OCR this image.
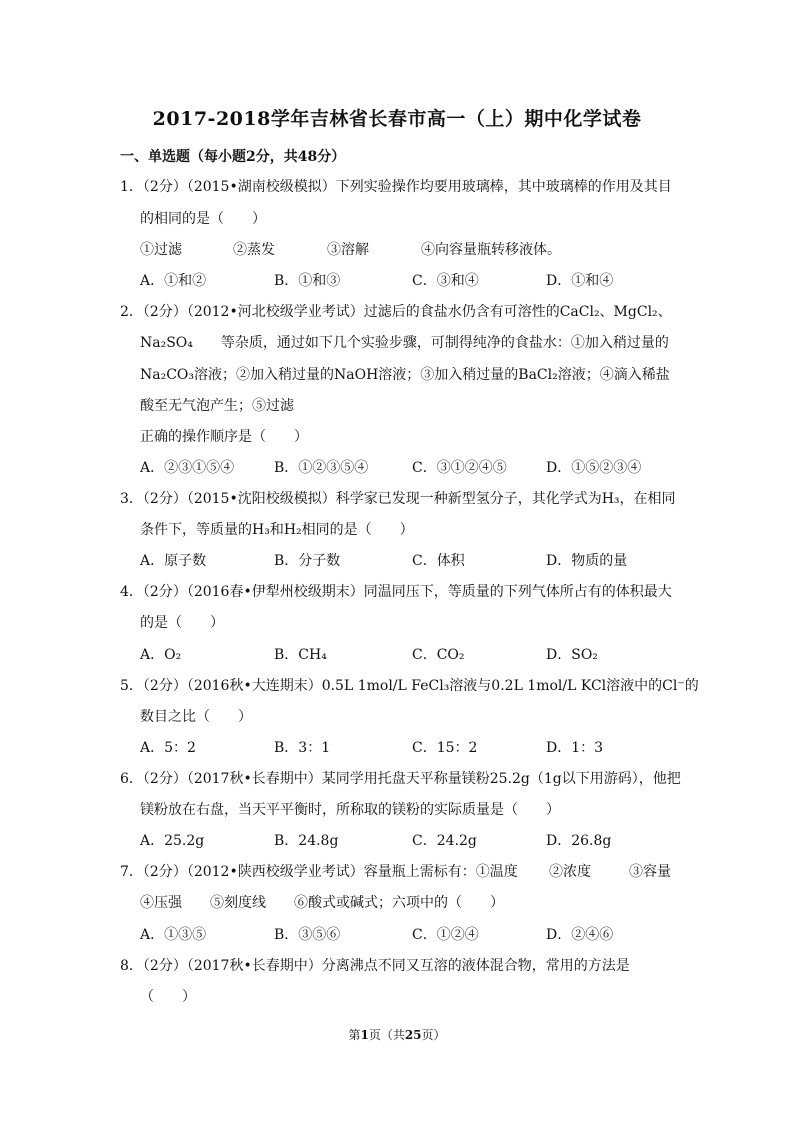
2017-2018学年吉林省长春市高一（上）期中化学试卷
一、单选题（每小题2分，共48分）
1．（2分）（2015•湖南校级模拟）下列实验操作均要用玻璃棒，其中玻璃棒的作用及其目
的相同的是（　　）
①过滤	②蒸发	③溶解	④向容量瓶转移液体。
A．①和②	B．①和③	C．③和④	D．①和④
2．（2分）（2012•河北校级学业考试）过滤后的食盐水仍含有可溶性的CaCl₂、MgCl₂、
Na₂SO₄　　等杂质，通过如下几个实验步骤，可制得纯净的食盐水：①加入稍过量的
Na₂CO₃溶液；②加入稍过量的NaOH溶液；③加入稍过量的BaCl₂溶液；④滴入稀盐
酸至无气泡产生；⑤过滤
正确的操作顺序是（　　）
A．②③①⑤④	B．①②③⑤④	C．③①②④⑤	D．①⑤②③④
3．（2分）（2015•沈阳校级模拟）科学家已发现一种新型氢分子，其化学式为H₃，在相同
条件下，等质量的H₃和H₂相同的是（　　）
A．原子数	B．分子数	C．体积	D．物质的量
4．（2分）（2016春•伊犁州校级期末）同温同压下，等质量的下列气体所占有的体积最大
的是（　　）
A．O₂	B．CH₄	C．CO₂	D．SO₂
5．（2分）（2016秋•大连期末）0.5L 1mol/L FeCl₃溶液与0.2L 1mol/L KCl溶液中的Cl⁻的
数目之比（　　）
A．5：2	B．3：1	C．15：2	D．1：3
6．（2分）（2017秋•长春期中）某同学用托盘天平称量镁粉25.2g（1g以下用游码），他把
镁粉放在右盘，当天平平衡时，所称取的镁粉的实际质量是（　　）
A．25.2g	B．24.8g	C．24.2g	D．26.8g
7．（2分）（2012•陕西校级学业考试）容量瓶上需标有：①温度 ②浓度	③容量
④压强　　⑤刻度线　　⑥酸式或碱式；六项中的（　　）
A．①③⑤	B．③⑤⑥	C．①②④	D．②④⑥
8．（2分）（2017秋•长春期中）分离沸点不同又互溶的液体混合物，常用的方法是
（　　）
第1页（共25页）
